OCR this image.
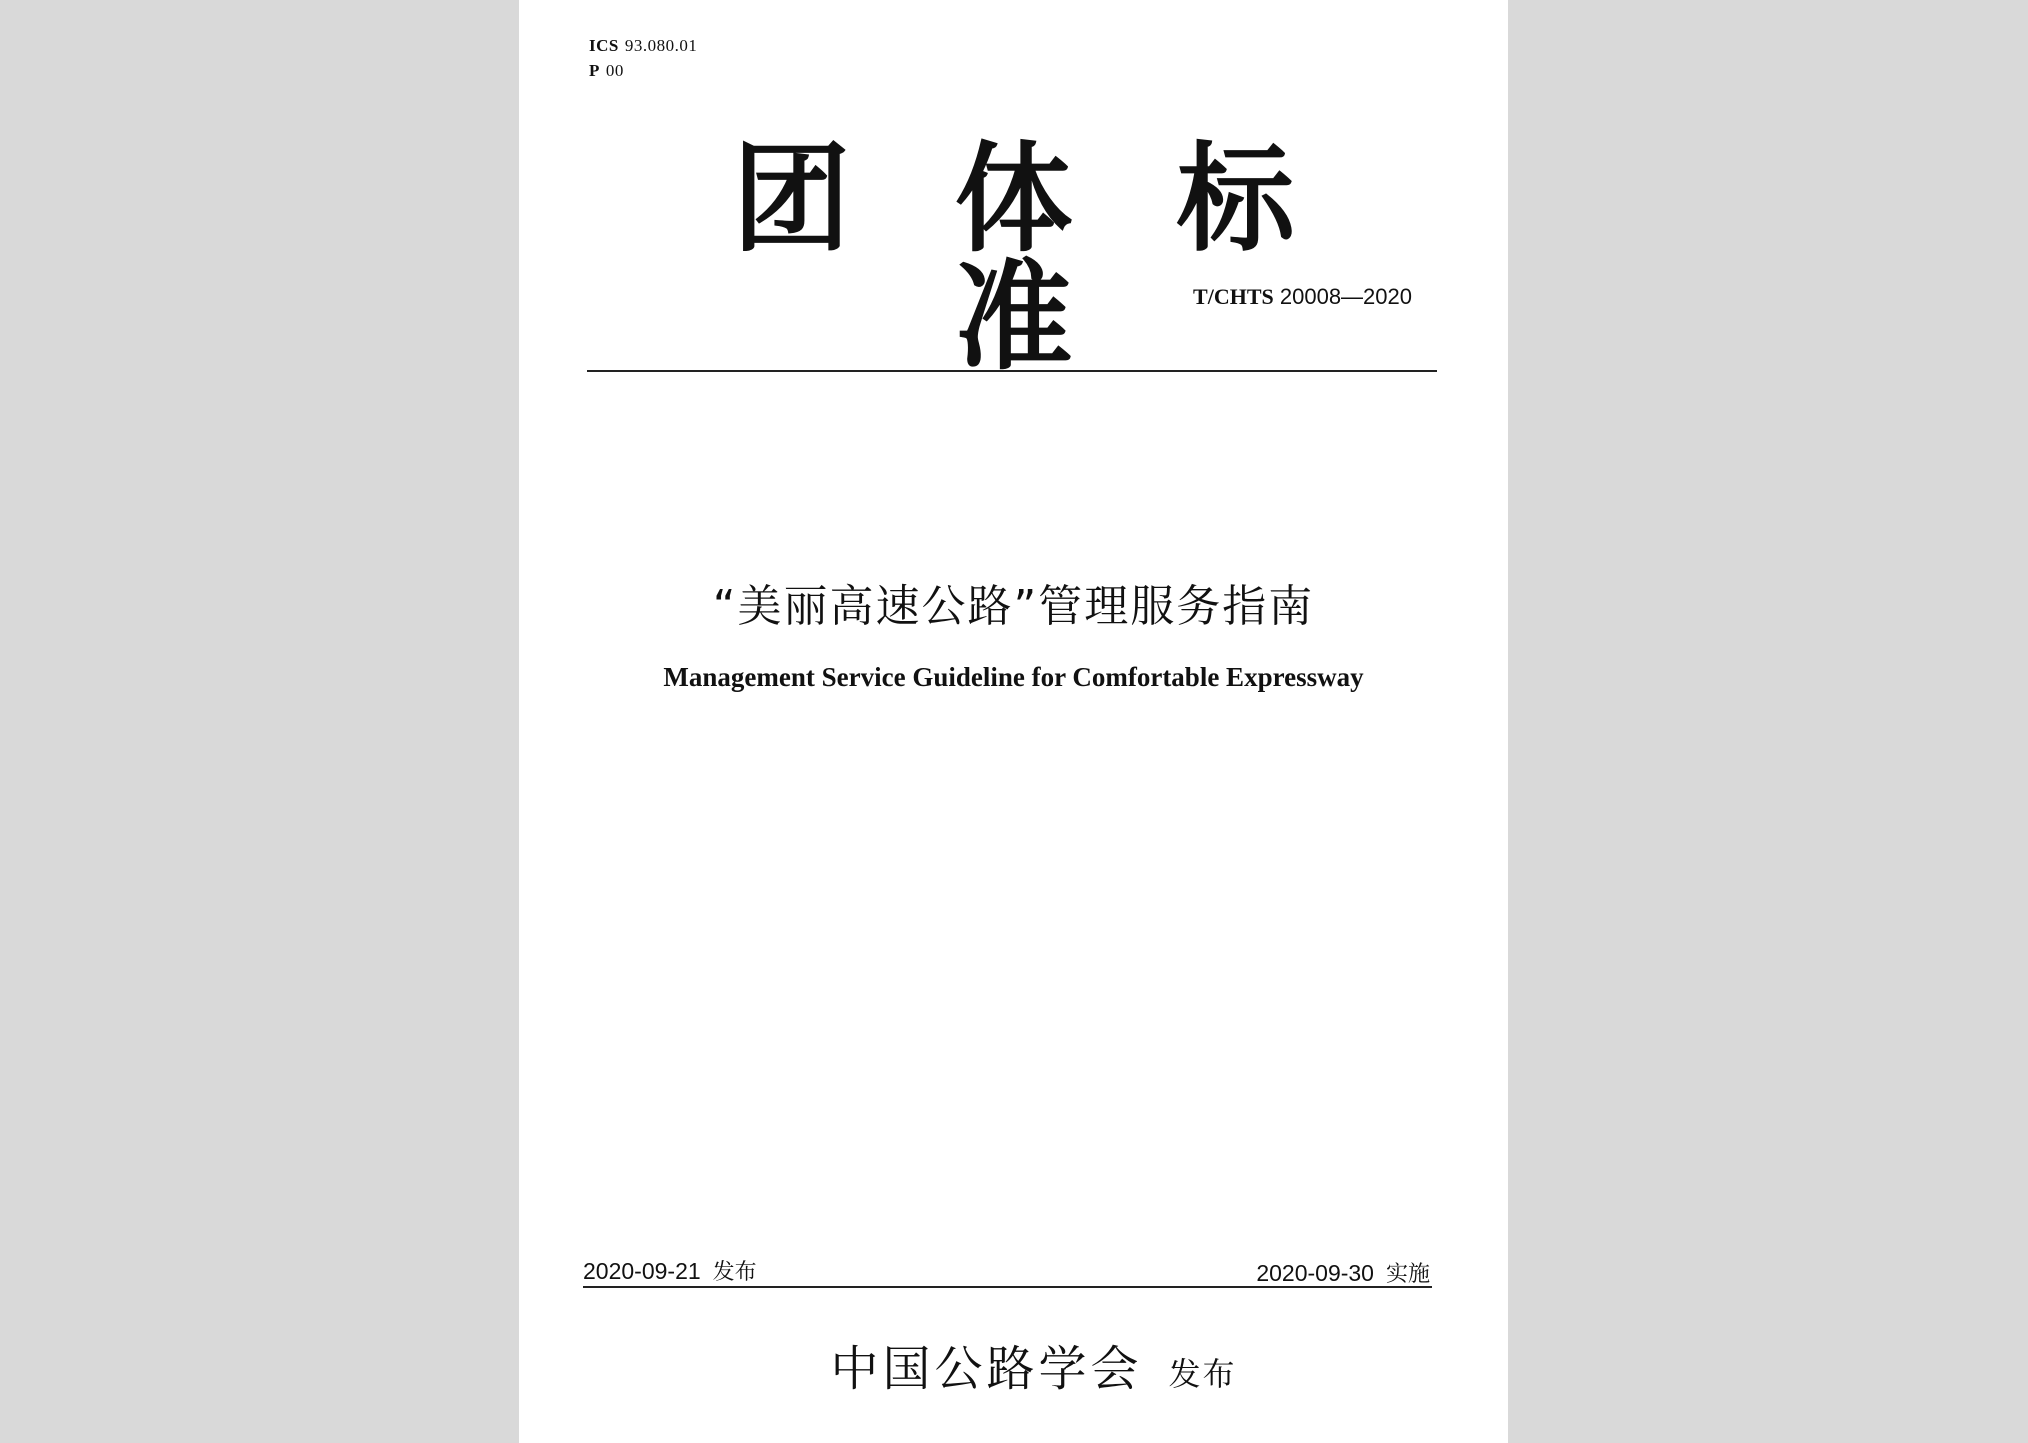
ICS 93.080.01
P 00
团体标准 T/CHTS 20008—2020
“美丽高速公路”管理服务指南
Management Service Guideline for Comfortable Expressway
2020-09-21 发布	2020-09-30 实施
中国公路学会 发布
